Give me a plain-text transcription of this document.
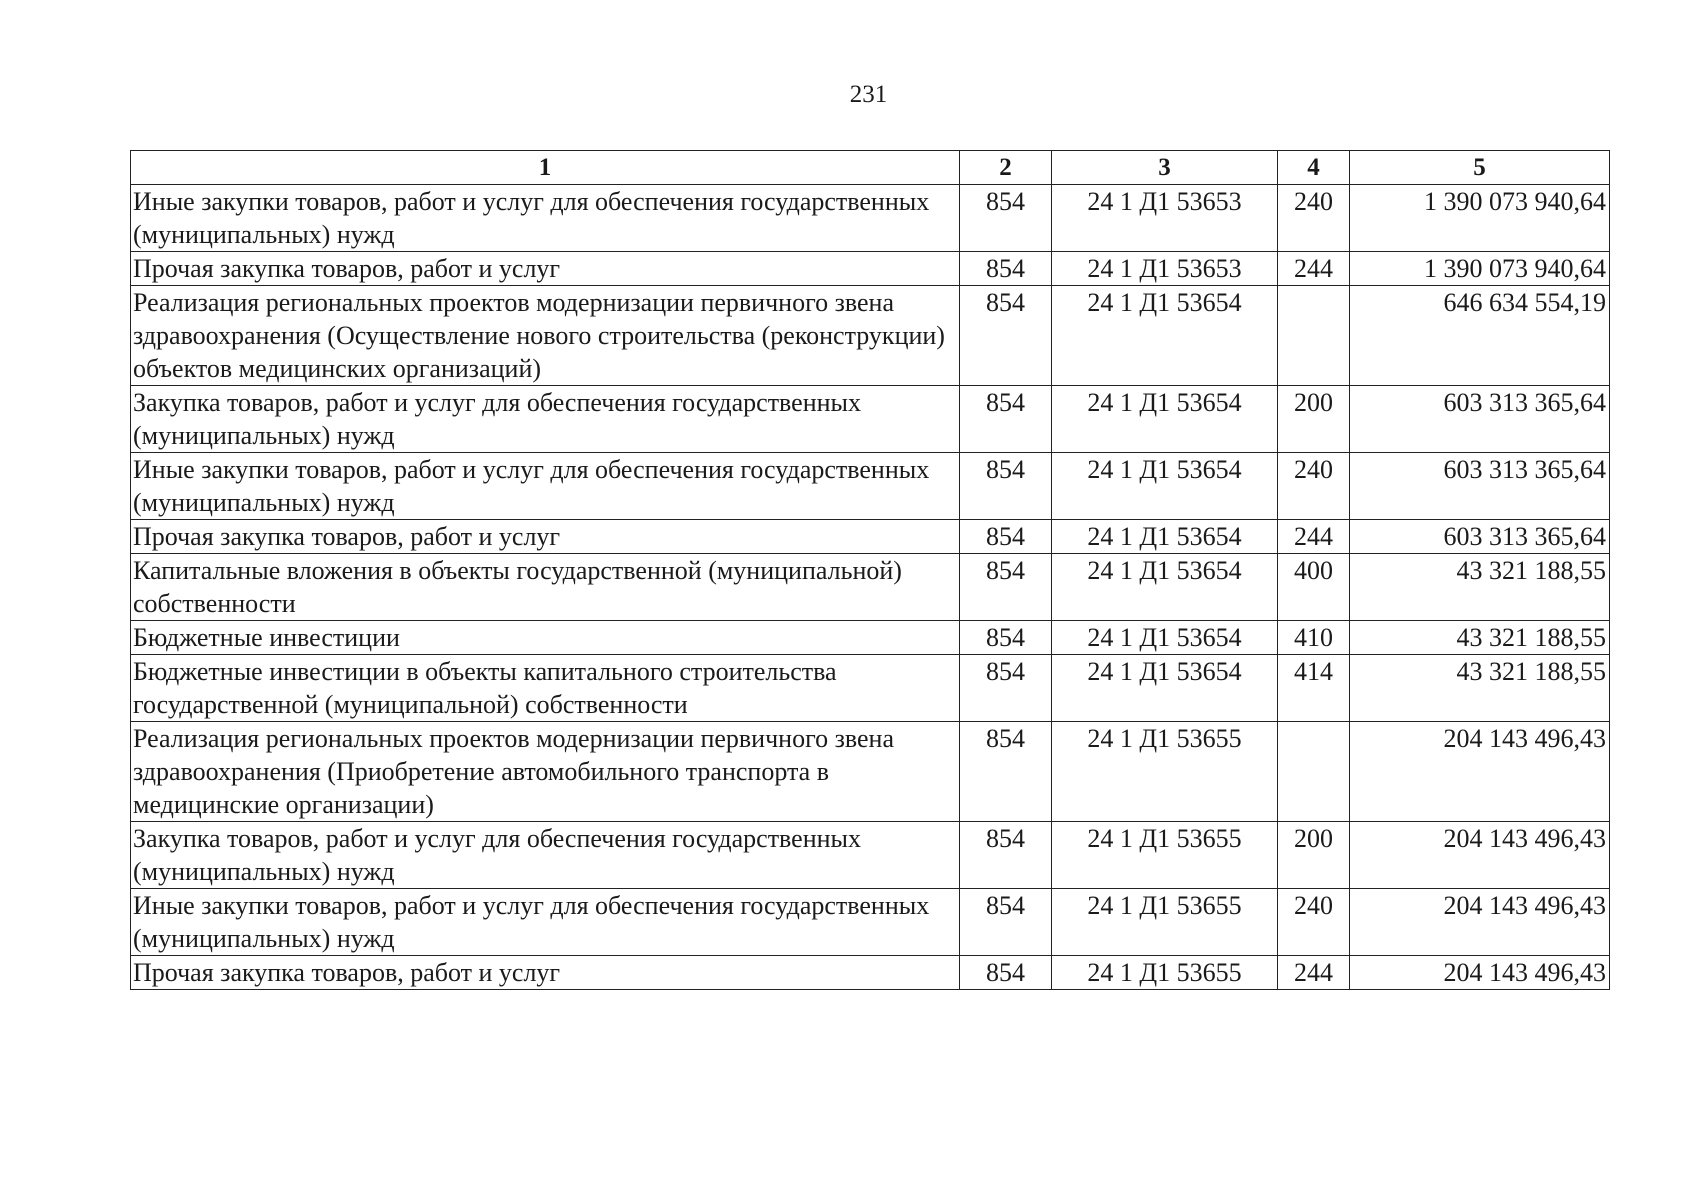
231
1	2	3	4	5
Иные закупки товаров, работ и услуг для обеспечения государственных (муниципальных) нужд	854	24 1 Д1 53653	240	1 390 073 940,64
Прочая закупка товаров, работ и услуг	854	24 1 Д1 53653	244	1 390 073 940,64
Реализация региональных проектов модернизации первичного звена здравоохранения (Осуществление нового строительства (реконструкции) объектов медицинских организаций)	854	24 1 Д1 53654		646 634 554,19
Закупка товаров, работ и услуг для обеспечения государственных (муниципальных) нужд	854	24 1 Д1 53654	200	603 313 365,64
Иные закупки товаров, работ и услуг для обеспечения государственных (муниципальных) нужд	854	24 1 Д1 53654	240	603 313 365,64
Прочая закупка товаров, работ и услуг	854	24 1 Д1 53654	244	603 313 365,64
Капитальные вложения в объекты государственной (муниципальной) собственности	854	24 1 Д1 53654	400	43 321 188,55
Бюджетные инвестиции	854	24 1 Д1 53654	410	43 321 188,55
Бюджетные инвестиции в объекты капитального строительства государственной (муниципальной) собственности	854	24 1 Д1 53654	414	43 321 188,55
Реализация региональных проектов модернизации первичного звена здравоохранения (Приобретение автомобильного транспорта в медицинские организации)	854	24 1 Д1 53655		204 143 496,43
Закупка товаров, работ и услуг для обеспечения государственных (муниципальных) нужд	854	24 1 Д1 53655	200	204 143 496,43
Иные закупки товаров, работ и услуг для обеспечения государственных (муниципальных) нужд	854	24 1 Д1 53655	240	204 143 496,43
Прочая закупка товаров, работ и услуг	854	24 1 Д1 53655	244	204 143 496,43
